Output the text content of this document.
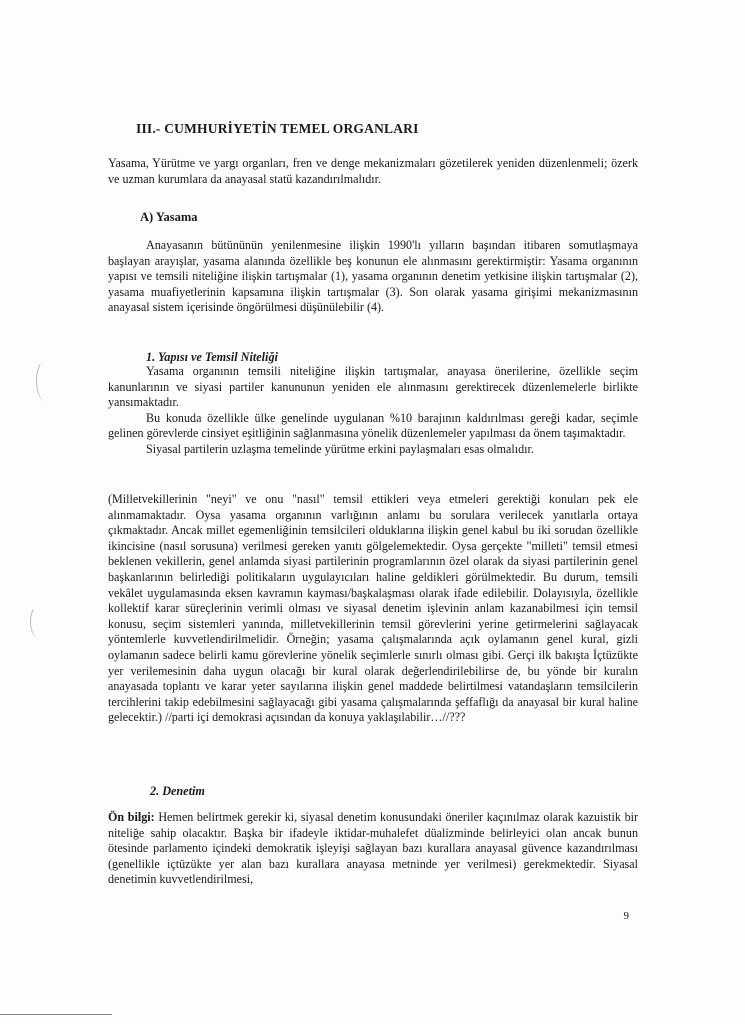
III.- CUMHURİYETİN TEMEL ORGANLARI

Yasama, Yürütme ve yargı organları, fren ve denge mekanizmaları gözetilerek yeniden düzenlenmeli; özerk ve uzman kurumlara da anayasal statü kazandırılmalıdır.

A) Yasama

Anayasanın bütününün yenilenmesine ilişkin 1990'lı yılların başından itibaren somutlaşmaya başlayan arayışlar, yasama alanında özellikle beş konunun ele alınmasını gerektirmiştir: Yasama organının yapısı ve temsili niteliğine ilişkin tartışmalar (1), yasama organının denetim yetkisine ilişkin tartışmalar (2), yasama muafiyetlerinin kapsamına ilişkin tartışmalar (3). Son olarak yasama girişimi mekanizmasının anayasal sistem içerisinde öngörülmesi düşünülebilir (4).

1. Yapısı ve Temsil Niteliği

Yasama organının temsili niteliğine ilişkin tartışmalar, anayasa önerilerine, özellikle seçim kanunlarının ve siyasi partiler kanununun yeniden ele alınmasını gerektirecek düzenlemelerle birlikte yansımaktadır.

Bu konuda özellikle ülke genelinde uygulanan %10 barajının kaldırılması gereği kadar, seçimle gelinen görevlerde cinsiyet eşitliğinin sağlanmasına yönelik düzenlemeler yapılması da önem taşımaktadır.

Siyasal partilerin uzlaşma temelinde yürütme erkini paylaşmaları esas olmalıdır.

(Milletvekillerinin "neyi" ve onu "nasıl" temsil ettikleri veya etmeleri gerektiği konuları pek ele alınmamaktadır. Oysa yasama organının varlığının anlamı bu sorulara verilecek yanıtlarla ortaya çıkmaktadır. Ancak millet egemenliğinin temsilcileri olduklarına ilişkin genel kabul bu iki sorudan özellikle ikincisine (nasıl sorusuna) verilmesi gereken yanıtı gölgelemektedir. Oysa gerçekte "milleti" temsil etmesi beklenen vekillerin, genel anlamda siyasi partilerinin programlarının özel olarak da siyasi partilerinin genel başkanlarının belirlediği politikaların uygulayıcıları haline geldikleri görülmektedir. Bu durum, temsili vekâlet uygulamasında eksen kavramın kayması/başkalaşması olarak ifade edilebilir. Dolayısıyla, özellikle kollektif karar süreçlerinin verimli olması ve siyasal denetim işlevinin anlam kazanabilmesi için temsil konusu, seçim sistemleri yanında, milletvekillerinin temsil görevlerini yerine getirmelerini sağlayacak yöntemlerle kuvvetlendirilmelidir. Örneğin; yasama çalışmalarında açık oylamanın genel kural, gizli oylamanın sadece belirli kamu görevlerine yönelik seçimlerle sınırlı olması gibi. Gerçi ilk bakışta İçtüzükte yer verilemesinin daha uygun olacağı bir kural olarak değerlendirilebilirse de, bu yönde bir kuralın anayasada toplantı ve karar yeter sayılarına ilişkin genel maddede belirtilmesi vatandaşların temsilcilerin tercihlerini takip edebilmesini sağlayacağı gibi yasama çalışmalarında şeffaflığı da anayasal bir kural haline gelecektir.) //parti içi demokrasi açısından da konuya yaklaşılabilir…//???

2. Denetim

Ön bilgi: Hemen belirtmek gerekir ki, siyasal denetim konusundaki öneriler kaçınılmaz olarak kazuistik bir niteliğe sahip olacaktır. Başka bir ifadeyle iktidar-muhalefet düalizminde belirleyici olan ancak bunun ötesinde parlamento içindeki demokratik işleyişi sağlayan bazı kurallara anayasal güvence kazandırılması (genellikle içtüzükte yer alan bazı kurallara anayasa metninde yer verilmesi) gerekmektedir. Siyasal denetimin kuvvetlendirilmesi,

9
